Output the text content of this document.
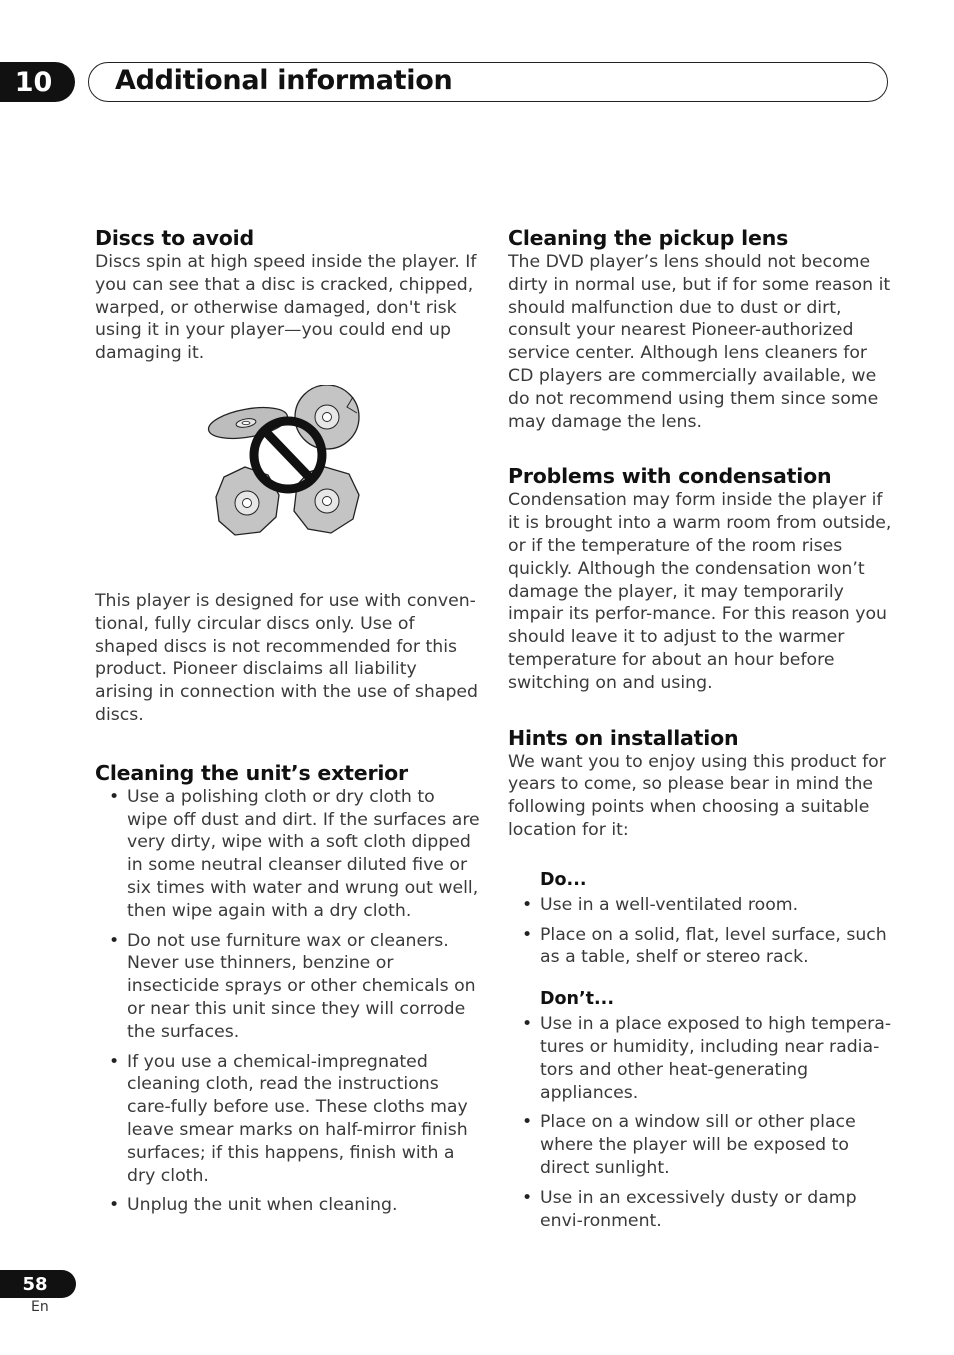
10 Additional information
Discs to avoid

Discs spin at high speed inside the player. If you can see that a disc is cracked, chipped, warped, or otherwise damaged, don't risk using it in your player—you could end up damaging it.

This player is designed for use with conven-tional, fully circular discs only. Use of shaped discs is not recommended for this product. Pioneer disclaims all liability arising in connection with the use of shaped discs.

Cleaning the unit’s exterior
• Use a polishing cloth or dry cloth to wipe off dust and dirt. If the surfaces are very dirty, wipe with a soft cloth dipped in some neutral cleanser diluted five or six times with water and wrung out well, then wipe again with a dry cloth.
• Do not use furniture wax or cleaners. Never use thinners, benzine or insecticide sprays or other chemicals on or near this unit since they will corrode the surfaces.
• If you use a chemical-impregnated cleaning cloth, read the instructions care-fully before use. These cloths may leave smear marks on half-mirror finish surfaces; if this happens, finish with a dry cloth.
• Unplug the unit when cleaning.
Cleaning the pickup lens

The DVD player’s lens should not become dirty in normal use, but if for some reason it should malfunction due to dust or dirt, consult your nearest Pioneer-authorized service center. Although lens cleaners for CD players are commercially available, we do not recommend using them since some may damage the lens.

Problems with condensation

Condensation may form inside the player if it is brought into a warm room from outside, or if the temperature of the room rises quickly. Although the condensation won’t damage the player, it may temporarily impair its perfor-mance. For this reason you should leave it to adjust to the warmer temperature for about an hour before switching on and using.

Hints on installation

We want you to enjoy using this product for years to come, so please bear in mind the following points when choosing a suitable location for it:

Do...
• Use in a well-ventilated room.
• Place on a solid, flat, level surface, such as a table, shelf or stereo rack.
Don’t...
• Use in a place exposed to high tempera-tures or humidity, including near radia-tors and other heat-generating appliances.
• Place on a window sill or other place where the player will be exposed to direct sunlight.
• Use in an excessively dusty or damp envi-ronment.
58
En
